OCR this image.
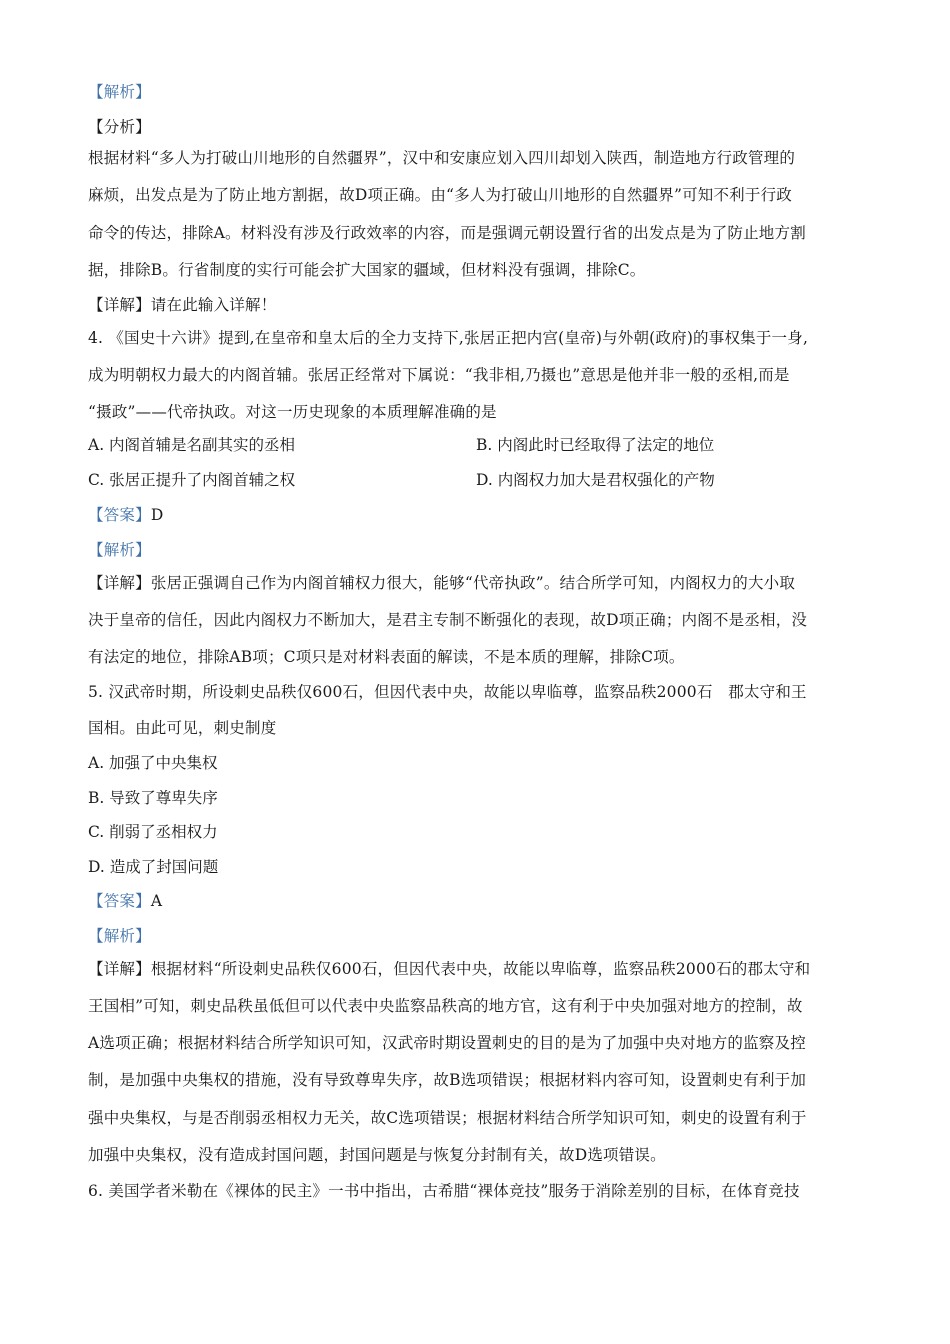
【解析】
【分析】
根据材料“多人为打破山川地形的自然疆界”，汉中和安康应划入四川却划入陕西，制造地方行政管理的
麻烦，出发点是为了防止地方割据，故D项正确。由“多人为打破山川地形的自然疆界”可知不利于行政
命令的传达，排除A。材料没有涉及行政效率的内容，而是强调元朝设置行省的出发点是为了防止地方割
据，排除B。行省制度的实行可能会扩大国家的疆域，但材料没有强调，排除C。
【详解】请在此输入详解！
4. 《国史十六讲》提到,在皇帝和皇太后的全力支持下,张居正把内宫(皇帝)与外朝(政府)的事权集于一身,
成为明朝权力最大的内阁首辅。张居正经常对下属说：“我非相,乃摄也”意思是他并非一般的丞相,而是
“摄政”——代帝执政。对这一历史现象的本质理解准确的是
A. 内阁首辅是名副其实的丞相	B. 内阁此时已经取得了法定的地位
C. 张居正提升了内阁首辅之权	D. 内阁权力加大是君权强化的产物
【答案】D
【解析】
【详解】张居正强调自己作为内阁首辅权力很大，能够“代帝执政”。结合所学可知，内阁权力的大小取
决于皇帝的信任，因此内阁权力不断加大，是君主专制不断强化的表现，故D项正确；内阁不是丞相，没
有法定的地位，排除AB项；C项只是对材料表面的解读，不是本质的理解，排除C项。
5. 汉武帝时期，所设刺史品秩仅600石，但因代表中央，故能以卑临尊，监察品秩2000石　郡太守和王
国相。由此可见，刺史制度
A. 加强了中央集权
B. 导致了尊卑失序
C. 削弱了丞相权力
D. 造成了封国问题
【答案】A
【解析】
【详解】根据材料“所设刺史品秩仅600石，但因代表中央，故能以卑临尊，监察品秩2000石的郡太守和
王国相”可知，刺史品秩虽低但可以代表中央监察品秩高的地方官，这有利于中央加强对地方的控制，故
A选项正确；根据材料结合所学知识可知，汉武帝时期设置刺史的目的是为了加强中央对地方的监察及控
制，是加强中央集权的措施，没有导致尊卑失序，故B选项错误；根据材料内容可知，设置刺史有利于加
强中央集权，与是否削弱丞相权力无关，故C选项错误；根据材料结合所学知识可知，刺史的设置有利于
加强中央集权，没有造成封国问题，封国问题是与恢复分封制有关，故D选项错误。
6. 美国学者米勒在《裸体的民主》一书中指出，古希腊“裸体竞技”服务于消除差别的目标，在体育竞技
